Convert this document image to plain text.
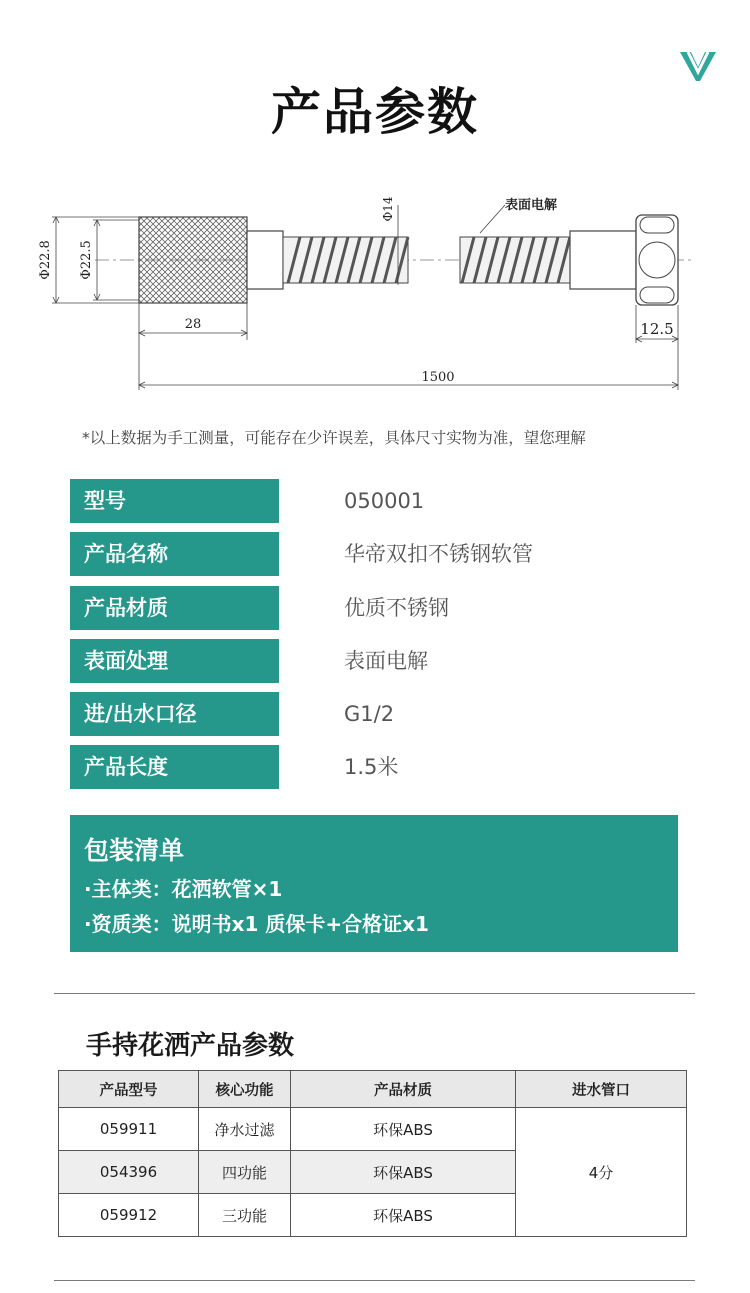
产品参数
Φ22.8 Φ22.5
Φ14	表面电解
28	12.5
1500
*以上数据为手工测量，可能存在少许误差，具体尺寸实物为准，望您理解
型号	050001
产品名称	华帝双扣不锈钢软管
产品材质	优质不锈钢
表面处理	表面电解
进/出水口径	G1/2
产品长度	1.5米
包装清单
·主体类：花洒软管×1
·资质类：说明书x1 质保卡+合格证x1
手持花洒产品参数
产品型号	核心功能	产品材质	进水管口
059911	净水过滤	环保ABS	4分
054396	四功能	环保ABS	
059912	三功能	环保ABS	
